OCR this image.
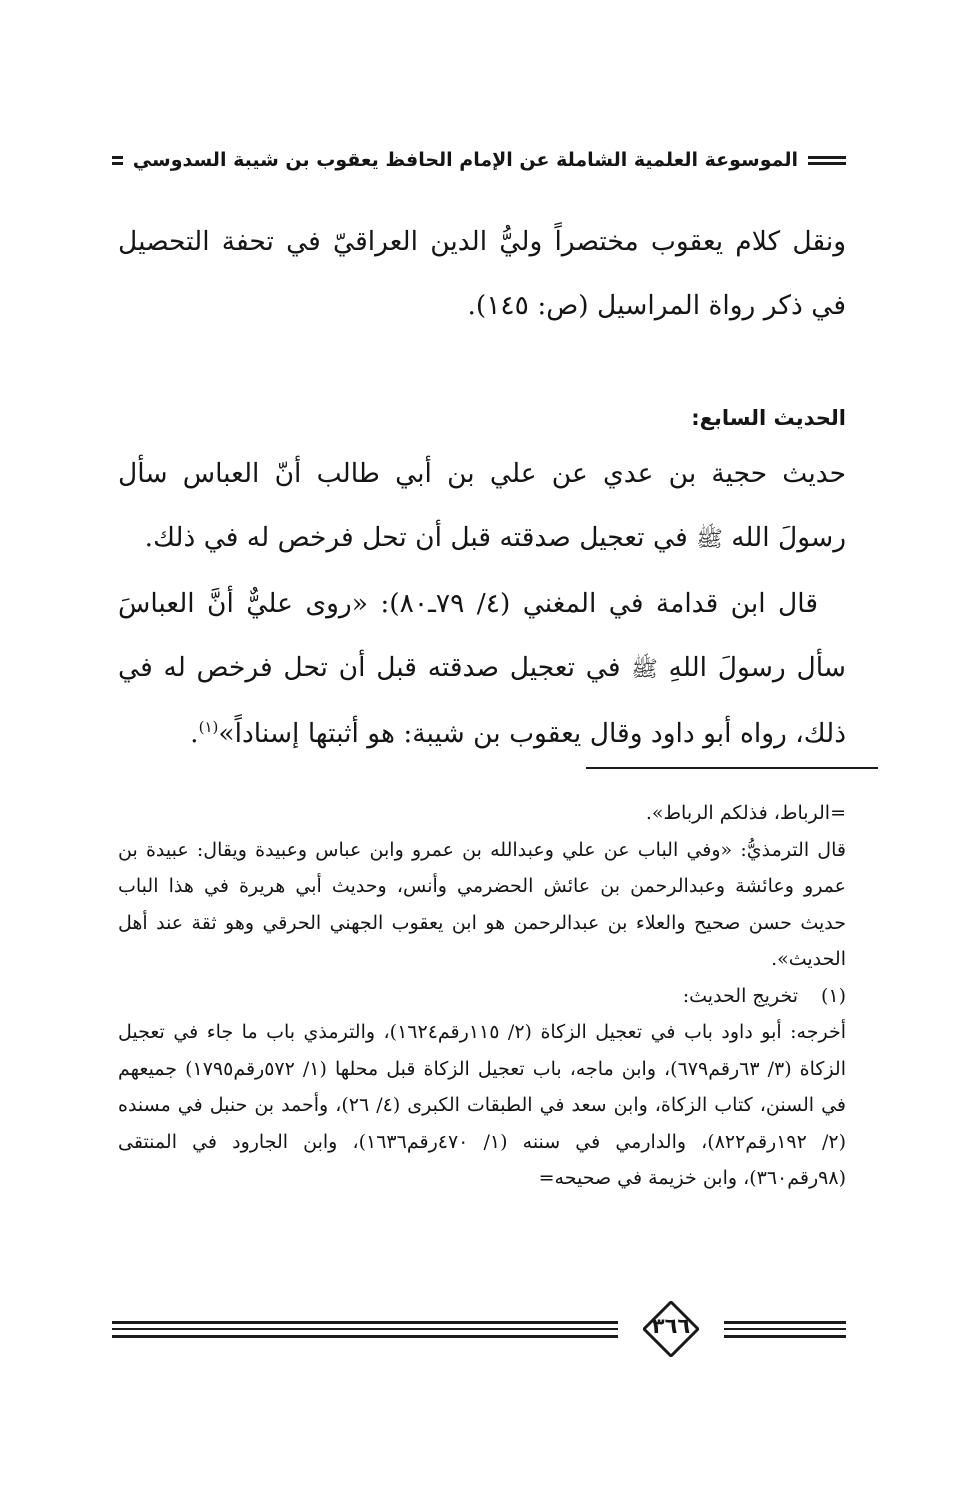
الموسوعة العلمية الشاملة عن الإمام الحافظ يعقوب بن شيبة السدوسي

ونقل كلام يعقوب مختصراً وليُّ الدين العراقيّ في تحفة التحصيل في ذكر رواة المراسيل (ص: ١٤٥).

الحديث السابع:

حديث حجية بن عدي عن علي بن أبي طالب أنّ العباس سأل رسولَ الله ﷺ في تعجيل صدقته قبل أن تحل فرخص له في ذلك.

قال ابن قدامة في المغني (٤/ ٧٩ـ٨٠): «روى عليٌّ أنَّ العباسَ سأل رسولَ اللهِ ﷺ في تعجيل صدقته قبل أن تحل فرخص له في ذلك، رواه أبو داود وقال يعقوب بن شيبة: هو أثبتها إسناداً»$^{(١)}$.

=الرباط، فذلكم الرباط».

قال الترمذيُّ: «وفي الباب عن علي وعبدالله بن عمرو وابن عباس وعبيدة ويقال: عبيدة بن عمرو وعائشة وعبدالرحمن بن عائش الحضرمي وأنس، وحديث أبي هريرة في هذا الباب حديث حسن صحيح والعلاء بن عبدالرحمن هو ابن يعقوب الجهني الحرقي وهو ثقة عند أهل الحديث».

(١)
تخريج الحديث:

أخرجه: أبو داود باب في تعجيل الزكاة (٢/ ١١٥رقم١٦٢٤)، والترمذي باب ما جاء في تعجيل الزكاة (٣/ ٦٣رقم٦٧٩)، وابن ماجه، باب تعجيل الزكاة قبل محلها (١/ ٥٧٢رقم١٧٩٥) جميعهم في السنن، كتاب الزكاة، وابن سعد في الطبقات الكبرى (٤/ ٢٦)، وأحمد بن حنبل في مسنده (٢/ ١٩٢رقم٨٢٢)، والدارمي في سننه (١/ ٤٧٠رقم١٦٣٦)، وابن الجارود في المنتقى (٩٨رقم٣٦٠)، وابن خزيمة في صحيحه=

٣٦٦
